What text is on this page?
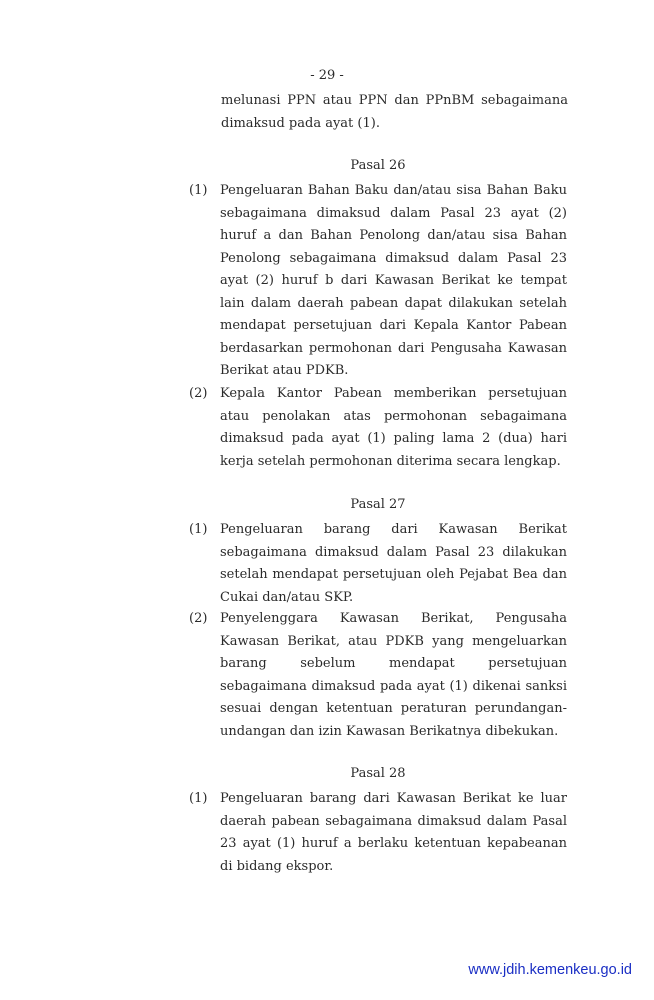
- 29 -
melunasi PPN atau PPN dan PPnBM sebagaimana dimaksud pada ayat (1).
Pasal 26
(1) Pengeluaran Bahan Baku dan/atau sisa Bahan Baku sebagaimana dimaksud dalam Pasal 23 ayat (2) huruf a dan Bahan Penolong dan/atau sisa Bahan Penolong sebagaimana dimaksud dalam Pasal 23 ayat (2) huruf b dari Kawasan Berikat ke tempat lain dalam daerah pabean dapat dilakukan setelah mendapat persetujuan dari Kepala Kantor Pabean berdasarkan permohonan dari Pengusaha Kawasan Berikat atau PDKB.
(2) Kepala Kantor Pabean memberikan persetujuan atau penolakan atas permohonan sebagaimana dimaksud pada ayat (1) paling lama 2 (dua) hari kerja setelah permohonan diterima secara lengkap.
Pasal 27
(1) Pengeluaran barang dari Kawasan Berikat sebagaimana dimaksud dalam Pasal 23 dilakukan setelah mendapat persetujuan oleh Pejabat Bea dan Cukai dan/atau SKP.
(2) Penyelenggara Kawasan Berikat, Pengusaha Kawasan Berikat, atau PDKB yang mengeluarkan barang sebelum mendapat persetujuan sebagaimana dimaksud pada ayat (1) dikenai sanksi sesuai dengan ketentuan peraturan perundangan-undangan dan izin Kawasan Berikatnya dibekukan.
Pasal 28
(1) Pengeluaran barang dari Kawasan Berikat ke luar daerah pabean sebagaimana dimaksud dalam Pasal 23 ayat (1) huruf a berlaku ketentuan kepabeanan di bidang ekspor.
www.jdih.kemenkeu.go.id
